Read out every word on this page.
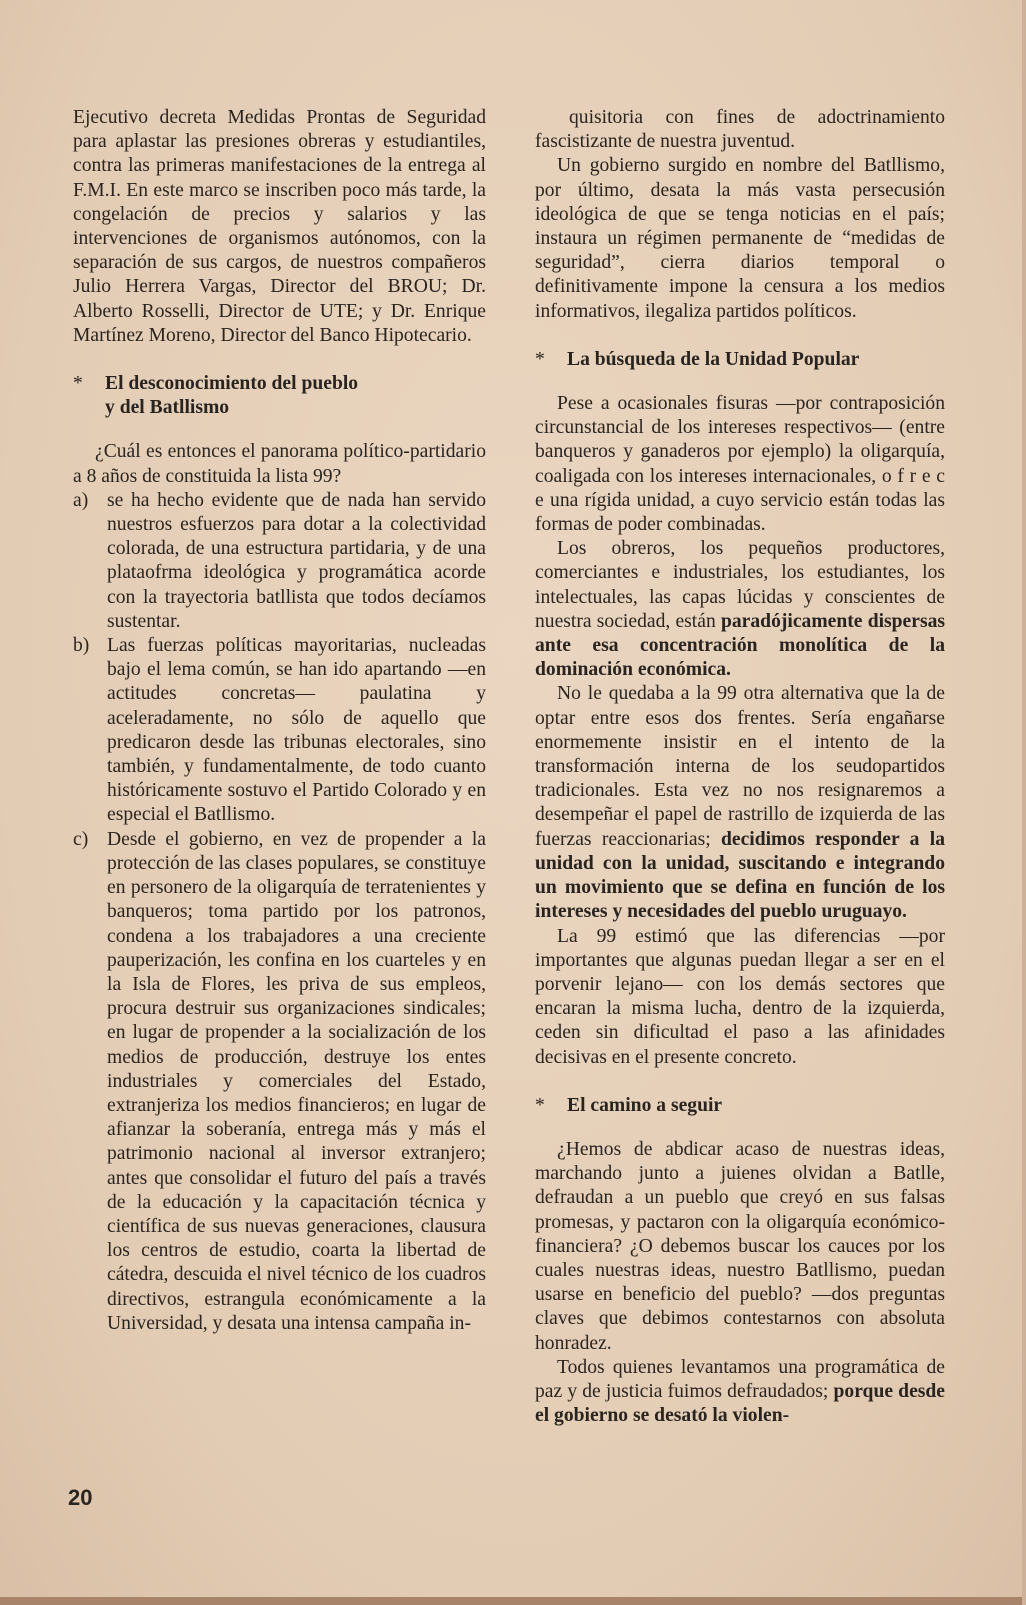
Ejecutivo decreta Medidas Prontas de Seguridad para aplastar las presiones obreras y estudiantiles, contra las primeras manifestaciones de la entrega al F.M.I. En este marco se inscriben poco más tarde, la congelación de precios y salarios y las intervenciones de organismos autónomos, con la separación de sus cargos, de nuestros compañeros Julio Herrera Vargas, Director del BROU; Dr. Alberto Rosselli, Director de UTE; y Dr. Enrique Martínez Moreno, Director del Banco Hipotecario.

* El desconocimiento del pueblo
y del Batllismo

¿Cuál es entonces el panorama político-partidario a 8 años de constituida la lista 99?

a) se ha hecho evidente que de nada han servido nuestros esfuerzos para dotar a la colectividad colorada, de una estructura partidaria, y de una plataofrma ideológica y programática acorde con la trayectoria batllista que todos decíamos sustentar.
b) Las fuerzas políticas mayoritarias, nucleadas bajo el lema común, se han ido apartando —en actitudes concretas— paulatina y aceleradamente, no sólo de aquello que predicaron desde las tribunas electorales, sino también, y fundamentalmente, de todo cuanto históricamente sostuvo el Partido Colorado y en especial el Batllismo.
c) Desde el gobierno, en vez de propender a la protección de las clases populares, se constituye en personero de la oligarquía de terratenientes y banqueros; toma partido por los patronos, condena a los trabajadores a una creciente pauperización, les confina en los cuarteles y en la Isla de Flores, les priva de sus empleos, procura destruir sus organizaciones sindicales; en lugar de propender a la socialización de los medios de producción, destruye los entes industriales y comerciales del Estado, extranjeriza los medios financieros; en lugar de afianzar la soberanía, entrega más y más el patrimonio nacional al inversor extranjero; antes que consolidar el futuro del país a través de la educación y la capacitación técnica y científica de sus nuevas generaciones, clausura los centros de estudio, coarta la libertad de cátedra, descuida el nivel técnico de los cuadros directivos, estrangula económicamente a la Universidad, y desata una intensa campaña in-

quisitoria con fines de adoctrinamiento fascistizante de nuestra juventud.

Un gobierno surgido en nombre del Batllismo, por último, desata la más vasta persecusión ideológica de que se tenga noticias en el país; instaura un régimen permanente de “medidas de seguridad”, cierra diarios temporal o definitivamente impone la censura a los medios informativos, ilegaliza partidos políticos.

* La búsqueda de la Unidad Popular

Pese a ocasionales fisuras —por contraposición circunstancial de los intereses respectivos— (entre banqueros y ganaderos por ejemplo) la oligarquía, coaligada con los intereses internacionales, o f r e c e una rígida unidad, a cuyo servicio están todas las formas de poder combinadas.

Los obreros, los pequeños productores, comerciantes e industriales, los estudiantes, los intelectuales, las capas lúcidas y conscientes de nuestra sociedad, están paradójicamente dispersas ante esa concentración monolítica de la dominación económica.

No le quedaba a la 99 otra alternativa que la de optar entre esos dos frentes. Sería engañarse enormemente insistir en el intento de la transformación interna de los seudopartidos tradicionales. Esta vez no nos resignaremos a desempeñar el papel de rastrillo de izquierda de las fuerzas reaccionarias; decidimos responder a la unidad con la unidad, suscitando e integrando un movimiento que se defina en función de los intereses y necesidades del pueblo uruguayo.

La 99 estimó que las diferencias —por importantes que algunas puedan llegar a ser en el porvenir lejano— con los demás sectores que encaran la misma lucha, dentro de la izquierda, ceden sin dificultad el paso a las afinidades decisivas en el presente concreto.

* El camino a seguir

¿Hemos de abdicar acaso de nuestras ideas, marchando junto a juienes olvidan a Batlle, defraudan a un pueblo que creyó en sus falsas promesas, y pactaron con la oligarquía económico-financiera? ¿O debemos buscar los cauces por los cuales nuestras ideas, nuestro Batllismo, puedan usarse en beneficio del pueblo? —dos preguntas claves que debimos contestarnos con absoluta honradez.

Todos quienes levantamos una programática de paz y de justicia fuimos defraudados; porque desde el gobierno se desató la violen-

20
